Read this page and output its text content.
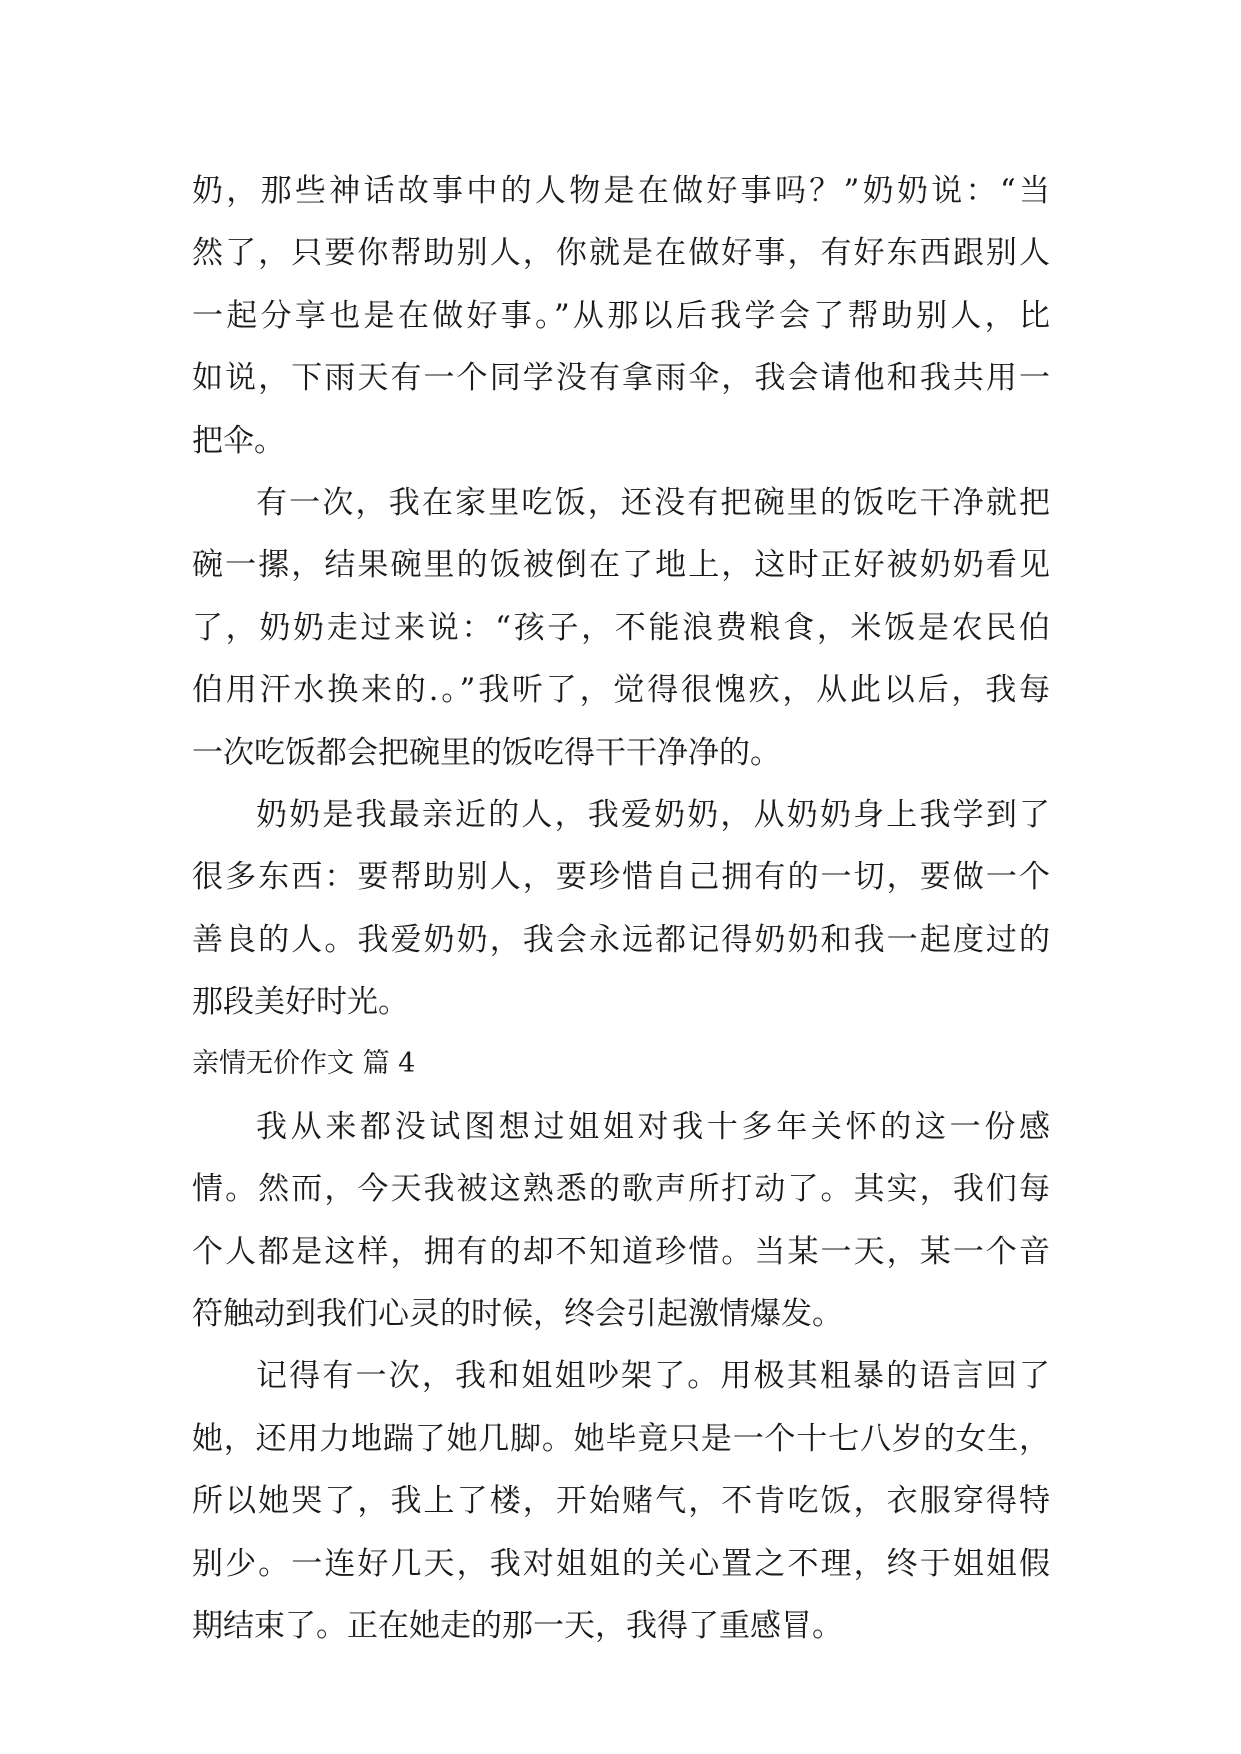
奶，那些神话故事中的人物是在做好事吗？”奶奶说：“当
然了，只要你帮助别人，你就是在做好事，有好东西跟别人
一起分享也是在做好事。”从那以后我学会了帮助别人，比
如说，下雨天有一个同学没有拿雨伞，我会请他和我共用一
把伞。
有一次，我在家里吃饭，还没有把碗里的饭吃干净就把
碗一摞，结果碗里的饭被倒在了地上，这时正好被奶奶看见
了，奶奶走过来说：“孩子，不能浪费粮食，米饭是农民伯
伯用汗水换来的.。”我听了，觉得很愧疚，从此以后，我每
一次吃饭都会把碗里的饭吃得干干净净的。
奶奶是我最亲近的人，我爱奶奶，从奶奶身上我学到了
很多东西：要帮助别人，要珍惜自己拥有的一切，要做一个
善良的人。我爱奶奶，我会永远都记得奶奶和我一起度过的
那段美好时光。
亲情无价作文 篇 4
我从来都没试图想过姐姐对我十多年关怀的这一份感
情。然而，今天我被这熟悉的歌声所打动了。其实，我们每
个人都是这样，拥有的却不知道珍惜。当某一天，某一个音
符触动到我们心灵的时候，终会引起激情爆发。
记得有一次，我和姐姐吵架了。用极其粗暴的语言回了
她，还用力地踹了她几脚。她毕竟只是一个十七八岁的女生，
所以她哭了，我上了楼，开始赌气，不肯吃饭，衣服穿得特
别少。一连好几天，我对姐姐的关心置之不理，终于姐姐假
期结束了。正在她走的那一天，我得了重感冒。
